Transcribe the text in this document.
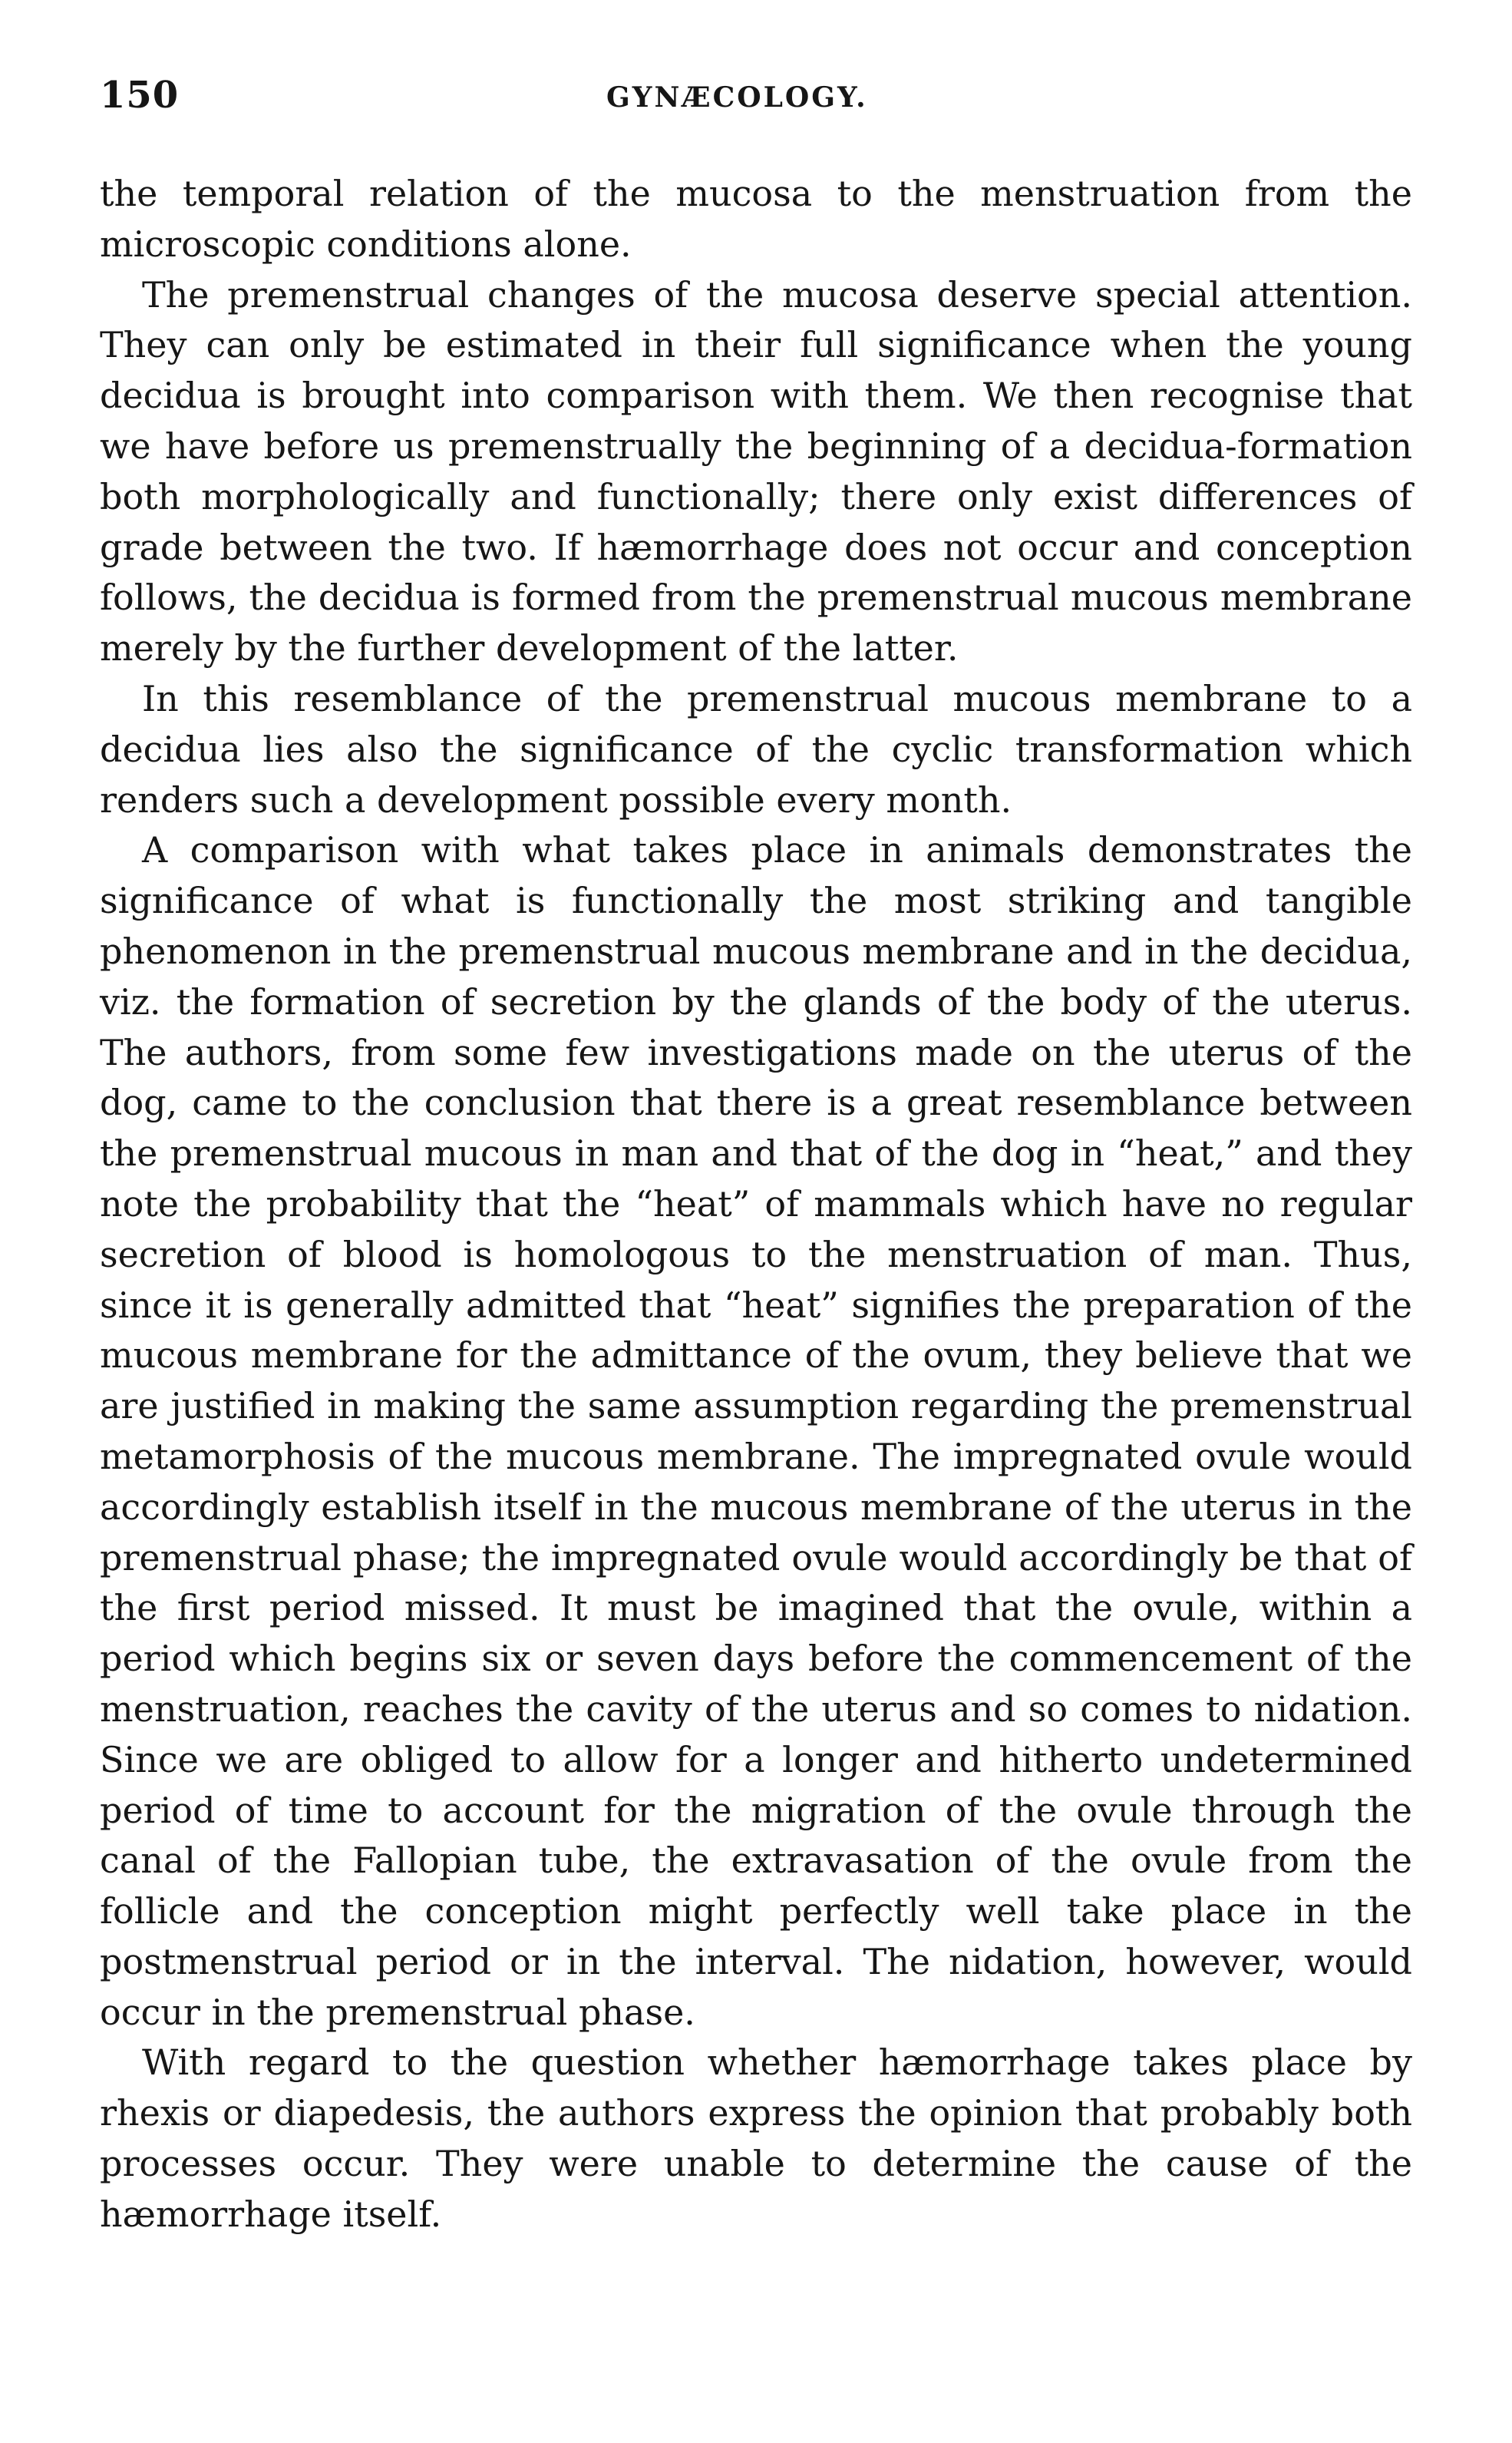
150	GYNÆCOLOGY.

the temporal relation of the mucosa to the menstruation from the microscopic conditions alone.

The premenstrual changes of the mucosa deserve special attention. They can only be estimated in their full significance when the young decidua is brought into comparison with them. We then recognise that we have before us premenstrually the beginning of a decidua-formation both morphologically and functionally; there only exist differences of grade between the two. If hæmorrhage does not occur and conception follows, the decidua is formed from the premenstrual mucous membrane merely by the further development of the latter.

In this resemblance of the premenstrual mucous membrane to a decidua lies also the significance of the cyclic transformation which renders such a development possible every month.

A comparison with what takes place in animals demonstrates the significance of what is functionally the most striking and tangible phenomenon in the premenstrual mucous membrane and in the decidua, viz. the formation of secretion by the glands of the body of the uterus. The authors, from some few investigations made on the uterus of the dog, came to the conclusion that there is a great resemblance between the premenstrual mucous in man and that of the dog in “heat,” and they note the probability that the “heat” of mammals which have no regular secretion of blood is homologous to the menstruation of man. Thus, since it is generally admitted that “heat” signifies the preparation of the mucous membrane for the admittance of the ovum, they believe that we are justified in making the same assumption regarding the premenstrual metamorphosis of the mucous membrane. The impregnated ovule would accordingly establish itself in the mucous membrane of the uterus in the premenstrual phase; the impregnated ovule would accordingly be that of the first period missed. It must be imagined that the ovule, within a period which begins six or seven days before the commencement of the menstruation, reaches the cavity of the uterus and so comes to nidation. Since we are obliged to allow for a longer and hitherto undetermined period of time to account for the migration of the ovule through the canal of the Fallopian tube, the extravasation of the ovule from the follicle and the conception might perfectly well take place in the postmenstrual period or in the interval. The nidation, however, would occur in the premenstrual phase.

With regard to the question whether hæmorrhage takes place by rhexis or diapedesis, the authors express the opinion that probably both processes occur. They were unable to determine the cause of the hæmorrhage itself.
